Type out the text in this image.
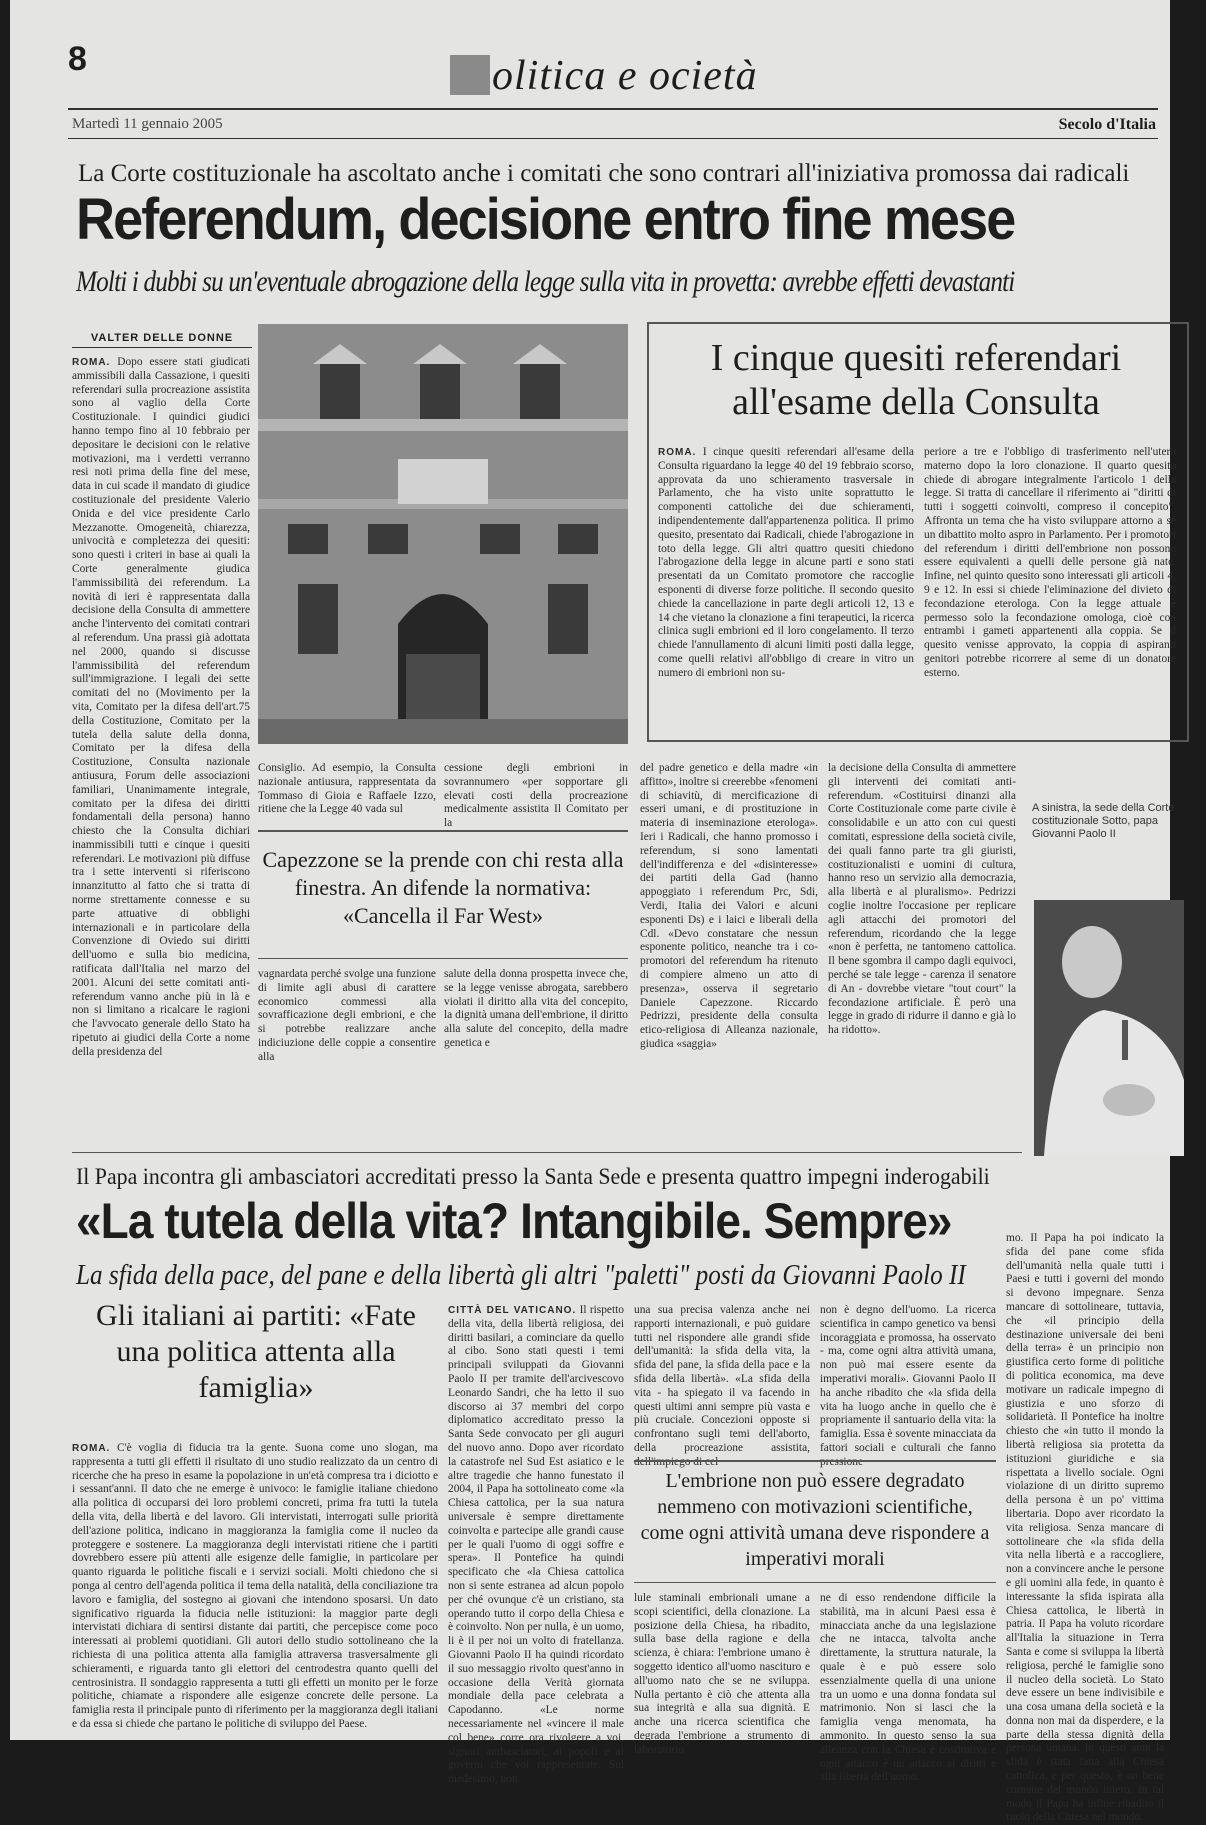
8	olitica e ocietà
Martedì 11 gennaio 2005	Secolo d'Italia
La Corte costituzionale ha ascoltato anche i comitati che sono contrari all'iniziativa promossa dai radicali
Referendum, decisione entro fine mese
Molti i dubbi su un'eventuale abrogazione della legge sulla vita in provetta: avrebbe effetti devastanti
VALTER DELLE DONNE
ROMA. Dopo essere stati giudicati ammissibili dalla Cassazione, i quesiti referendari sulla procreazione assistita sono al vaglio della Corte Costituzionale. I quindici giudici hanno tempo fino al 10 febbraio per depositare le decisioni con le relative motivazioni, ma i verdetti verranno resi noti prima della fine del mese, data in cui scade il mandato di giudice costituzionale del presidente Valerio Onida e del vice presidente Carlo Mezzanotte. Omogeneità, chiarezza, univocità e completezza dei quesiti: sono questi i criteri in base ai quali la Corte generalmente giudica l'ammissibilità dei referendum. La novità di ieri è rappresentata dalla decisione della Consulta di ammettere anche l'intervento dei comitati contrari al referendum. Una prassi già adottata nel 2000, quando si discusse l'ammissibilità del referendum sull'immigrazione. I legali dei sette comitati del no (Movimento per la vita, Comitato per la difesa dell'art.75 della Costituzione, Comitato per la tutela della salute della donna, Comitato per la difesa della Costituzione, Consulta nazionale antiusura, Forum delle associazioni familiari, Unanimamente integrale, comitato per la difesa dei diritti fondamentali della persona) hanno chiesto che la Consulta dichiari inammissibili tutti e cinque i quesiti referendari. Le motivazioni più diffuse tra i sette interventi si riferiscono innanzitutto al fatto che si tratta di norme strettamente connesse e su parte attuative di obblighi internazionali e in particolare della Convenzione di Oviedo sui diritti dell'uomo e sulla bio medicina, ratificata dall'Italia nel marzo del 2001. Alcuni dei sette comitati anti-referendum vanno anche più in là e non si limitano a ricalcare le ragioni che l'avvocato generale dello Stato ha ripetuto ai giudici della Corte a nome della presidenza del
I cinque quesiti referendari all'esame della Consulta
ROMA. I cinque quesiti referendari all'esame della Consulta riguardano la legge 40 del 19 febbraio scorso, approvata da uno schieramento trasversale in Parlamento, che ha visto unite soprattutto le componenti cattoliche dei due schieramenti, indipendentemente dall'appartenenza politica. Il primo quesito, presentato dai Radicali, chiede l'abrogazione in toto della legge. Gli altri quattro quesiti chiedono l'abrogazione della legge in alcune parti e sono stati presentati da un Comitato promotore che raccoglie esponenti di diverse forze politiche. Il secondo quesito chiede la cancellazione in parte degli articoli 12, 13 e 14 che vietano la clonazione a fini terapeutici, la ricerca clinica sugli embrioni ed il loro congelamento. Il terzo chiede l'annullamento di alcuni limiti posti dalla legge, come quelli relativi all'obbligo di creare in vitro un numero di embrioni non su-
periore a tre e l'obbligo di trasferimento nell'utero materno dopo la loro clonazione. Il quarto quesito chiede di abrogare integralmente l'articolo 1 della legge. Si tratta di cancellare il riferimento ai "diritti di tutti i soggetti coinvolti, compreso il concepito". Affronta un tema che ha visto sviluppare attorno a sé un dibattito molto aspro in Parlamento. Per i promotori del referendum i diritti dell'embrione non possono essere equivalenti a quelli delle persone già nate. Infine, nel quinto quesito sono interessati gli articoli 4, 9 e 12. In essi si chiede l'eliminazione del divieto di fecondazione eterologa. Con la legge attuale è permesso solo la fecondazione omologa, cioè con entrambi i gameti appartenenti alla coppia. Se il quesito venisse approvato, la coppia di aspiranti genitori potrebbe ricorrere al seme di un donatore esterno.
Consiglio. Ad esempio, la Consulta nazionale antiusura, rappresentata da Tommaso di Gioia e Raffaele Izzo, ritiene che la Legge 40 vada sul
cessione degli embrioni in sovrannumero «per sopportare gli elevati costi della procreazione medicalmente assistita Il Comitato per la
Capezzone se la prende con chi resta alla finestra. An difende la normativa: «Cancella il Far West»
vagnardata perché svolge una funzione di limite agli abusi di carattere economico commessi alla sovrafficazione degli embrioni, e che si potrebbe realizzare anche indiciuzione delle coppie a consentire alla
salute della donna prospetta invece che, se la legge venisse abrogata, sarebbero violati il diritto alla vita del concepito, la dignità umana dell'embrione, il diritto alla salute del concepito, della madre genetica e
del padre genetico e della madre «in affitto», inoltre si creerebbe «fenomeni di schiavitù, di mercificazione di esseri umani, e di prostituzione in materia di inseminazione eterologa». Ieri i Radicali, che hanno promosso i referendum, si sono lamentati dell'indifferenza e del «disinteresse» dei partiti della Gad (hanno appoggiato i referendum Prc, Sdi, Verdi, Italia dei Valori e alcuni esponenti Ds) e i laici e liberali della Cdl. «Devo constatare che nessun esponente politico, neanche tra i co-promotori del referendum ha ritenuto di compiere almeno un atto di presenza», osserva il segretario Daniele Capezzone. Riccardo Pedrizzi, presidente della consulta etico-religiosa di Alleanza nazionale, giudica «saggia»
la decisione della Consulta di ammettere gli interventi dei comitati anti-referendum. «Costituirsi dinanzi alla Corte Costituzionale come parte civile è consolidabile e un atto con cui questi comitati, espressione della società civile, dei quali fanno parte tra gli giuristi, costituzionalisti e uomini di cultura, hanno reso un servizio alla democrazia, alla libertà e al pluralismo». Pedrizzi coglie inoltre l'occasione per replicare agli attacchi dei promotori del referendum, ricordando che la legge «non è perfetta, ne tantomeno cattolica. Il bene sgombra il campo dagli equivoci, perché se tale legge - carenza il senatore di An - dovrebbe vietare "tout court" la fecondazione artificiale. È però una legge in grado di ridurre il danno e già lo ha ridotto».
A sinistra, la sede della Corte costituzionale Sotto, papa Giovanni Paolo II
Il Papa incontra gli ambasciatori accreditati presso la Santa Sede e presenta quattro impegni inderogabili
«La tutela della vita? Intangibile. Sempre»
La sfida della pace, del pane e della libertà gli altri "paletti" posti da Giovanni Paolo II
Gli italiani ai partiti: «Fate una politica attenta alla famiglia»
ROMA. C'è voglia di fiducia tra la gente. Suona come uno slogan, ma rappresenta a tutti gli effetti il risultato di uno studio realizzato da un centro di ricerche che ha preso in esame la popolazione in un'età compresa tra i diciotto e i sessant'anni. Il dato che ne emerge è univoco: le famiglie italiane chiedono alla politica di occuparsi dei loro problemi concreti, prima fra tutti la tutela della vita, della libertà e del lavoro. Gli intervistati, interrogati sulle priorità dell'azione politica, indicano in maggioranza la famiglia come il nucleo da proteggere e sostenere. La maggioranza degli intervistati ritiene che i partiti dovrebbero essere più attenti alle esigenze delle famiglie, in particolare per quanto riguarda le politiche fiscali e i servizi sociali. Molti chiedono che si ponga al centro dell'agenda politica il tema della natalità, della conciliazione tra lavoro e famiglia, del sostegno ai giovani che intendono sposarsi. Un dato significativo riguarda la fiducia nelle istituzioni: la maggior parte degli intervistati dichiara di sentirsi distante dai partiti, che percepisce come poco interessati ai problemi quotidiani. Gli autori dello studio sottolineano che la richiesta di una politica attenta alla famiglia attraversa trasversalmente gli schieramenti, e riguarda tanto gli elettori del centrodestra quanto quelli del centrosinistra. Il sondaggio rappresenta a tutti gli effetti un monito per le forze politiche, chiamate a rispondere alle esigenze concrete delle persone. La famiglia resta il principale punto di riferimento per la maggioranza degli italiani e da essa si chiede che partano le politiche di sviluppo del Paese.
CITTÀ DEL VATICANO. Il rispetto della vita, della libertà religiosa, dei diritti basilari, a cominciare da quello al cibo. Sono stati questi i temi principali sviluppati da Giovanni Paolo II per tramite dell'arcivescovo Leonardo Sandri, che ha letto il suo discorso ai 37 membri del corpo diplomatico accreditato presso la Santa Sede convocato per gli auguri del nuovo anno. Dopo aver ricordato la catastrofe nel Sud Est asiatico e le altre tragedie che hanno funestato il 2004, il Papa ha sottolineato come «la Chiesa cattolica, per la sua natura universale è sempre direttamente coinvolta e partecipe alle grandi cause per le quali l'uomo di oggi soffre e spera». Il Pontefice ha quindi specificato che «la Chiesa cattolica non si sente estranea ad alcun popolo per ché ovunque c'è un cristiano, sta operando tutto il corpo della Chiesa e è coinvolto. Non per nulla, è un uomo, li è il per noi un volto di fratellanza. Giovanni Paolo II ha quindi ricordato il suo messaggio rivolto quest'anno in occasione della Verità giornata mondiale della pace celebrata a Capodanno. «Le norme necessariamente nel «vincere il male col bene» corre ora rivolgere a voi, signori ambasciatori, ai popoli e ai governi che voi rappresentate. Sul medesimo, non
una sua precisa valenza anche nei rapporti internazionali, e può guidare tutti nel rispondere alle grandi sfide dell'umanità: la sfida della vita, la sfida del pane, la sfida della pace e la sfida della libertà». «La sfida della vita - ha spiegato il va facendo in questi ultimi anni sempre più vasta e più cruciale. Concezioni opposte si confrontano sugli temi dell'aborto, della procreazione assistita,
non è degno dell'uomo. La ricerca scientifica in campo genetico va bensì incoraggiata e promossa, ha osservato - ma, come ogni altra attività umana, non può mai essere esente da imperativi morali». Giovanni Paolo II ha anche ribadito che «la sfida della vita ha luogo anche in quello che è propriamente il santuario della vita: la famiglia. Essa è sovente minacciata da fattori sociali e culturali che fanno
L'embrione non può essere degradato nemmeno con motivazioni scientifiche, come ogni attività umana deve rispondere a imperativi morali
lule staminali embrionali umane a scopi scientifici, della clonazione. La posizione della Chiesa, ha ribadito, sulla base della ragione e della scienza, è chiara: l'embrione umano è soggetto identico all'uomo nascituro e all'uomo nato che se ne sviluppa. Nulla pertanto è ciò che attenta alla sua integrità e alla sua dignità. E anche una ricerca scientifica che degrada l'embrione a strumento di laboratorio
ne di esso rendendone difficile la stabilità, ma in alcuni Paesi essa è minacciata anche da una legislazione che ne intacca, talvolta anche direttamente, la struttura naturale, la quale è e può essere solo essenzialmente quella di una unione tra un uomo e una donna fondata sul matrimonio. Non si lasci che la famiglia venga menomata, ha ammonito. In questo senso la sua alleanza con la Chiesa è costitutiva e ogni attacco è un attacco ai diritti e alla libertà dell'uomo.
mo. Il Papa ha poi indicato la sfida del pane come sfida dell'umanità nella quale tutti i Paesi e tutti i governi del mondo si devono impegnare. Senza mancare di sottolineare, tuttavia, che «il principio della destinazione universale dei beni della terra» è un principio non giustifica certo forme di politiche di politica economica, ma deve motivare un radicale impegno di giustizia e uno sforzo di solidarietà. Il Pontefice ha inoltre chiesto che «in tutto il mondo la libertà religiosa sia protetta da istituzioni giuridiche e sia rispettata a livello sociale. Ogni violazione di un diritto supremo della persona è un po' vittima libertaria. Dopo aver ricordato la vita religiosa. Senza mancare di sottolineare che «la sfida della vita nella libertà e a raccogliere, non a convincere anche le persone e gli uomini alla fede, in quanto è interessante la sfida ispirata alla Chiesa cattolica, le libertà in patria. Il Papa ha voluto ricordare all'Italia la situazione in Terra Santa e come si sviluppa la libertà religiosa, perché le famiglie sono il nucleo della società. Lo Stato deve essere un bene indivisibile e una cosa umana della società e la donna non mai da disperdere, e la parte della stessa dignità della persona umana. In questi anni la sfida è stata fatta alla Chiesa cattolica, e per questo, è un bene comune del mondo intero. In tal modo il Papa ha infine ribadito il ruolo della Chiesa nel mondo.
